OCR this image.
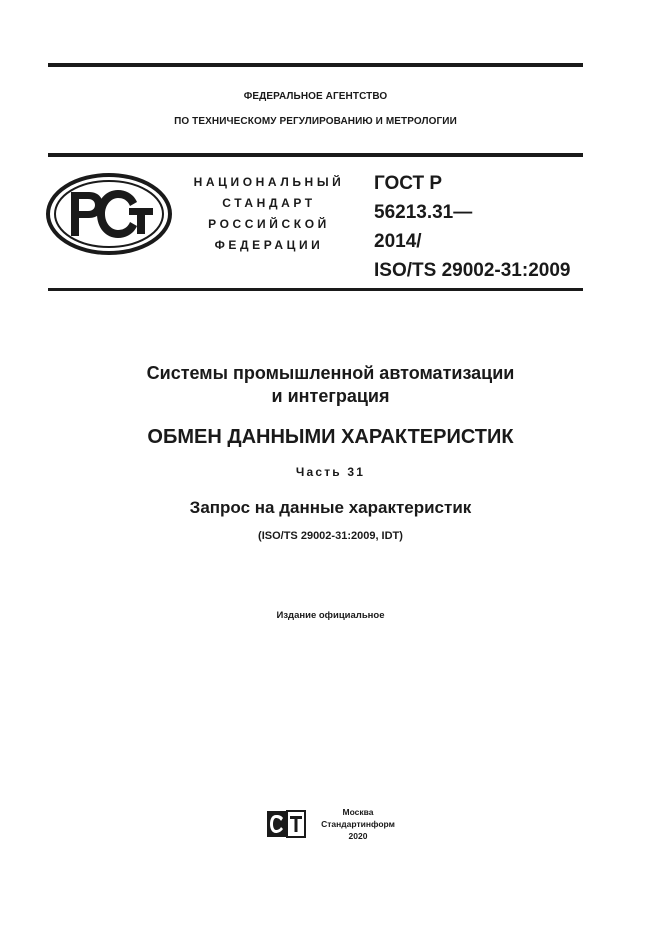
ФЕДЕРАЛЬНОЕ АГЕНТСТВО
ПО ТЕХНИЧЕСКОМУ РЕГУЛИРОВАНИЮ И МЕТРОЛОГИИ
НАЦИОНАЛЬНЫЙ
СТАНДАРТ
РОССИЙСКОЙ
ФЕДЕРАЦИИ
ГОСТ Р
56213.31—
2014/
ISO/TS 29002-31:2009
Системы промышленной автоматизации
и интеграция
ОБМЕН ДАННЫМИ ХАРАКТЕРИСТИК
Часть 31
Запрос на данные характеристик
(ISO/TS 29002-31:2009, IDT)
Издание официальное
Москва
Стандартинформ
2020
